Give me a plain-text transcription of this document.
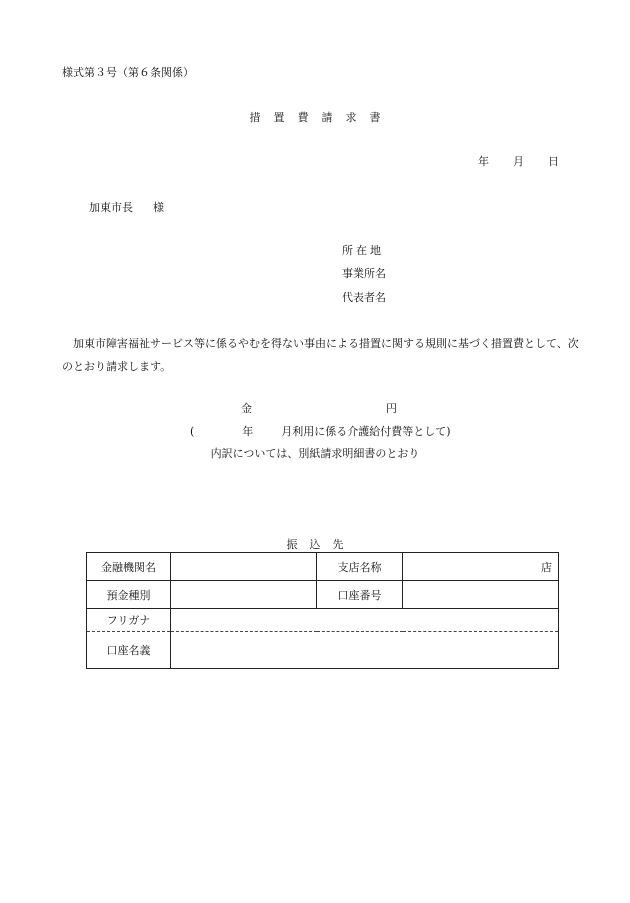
様式第３号（第６条関係）
措 置 費 請 求 書
年 月 日
加東市長 様
所在地
事業所名
代表者名
加東市障害福祉サービス等に係るやむを得ない事由による措置に関する規則に基づく措置費として、次のとおり請求します。
金	円
(	年	月利用に係る介護給付費等として)
内訳については、別紙請求明細書のとおり
振 込 先
金融機関名		支店名称	店
預金種別		口座番号	
フリガナ			
口座名義			
